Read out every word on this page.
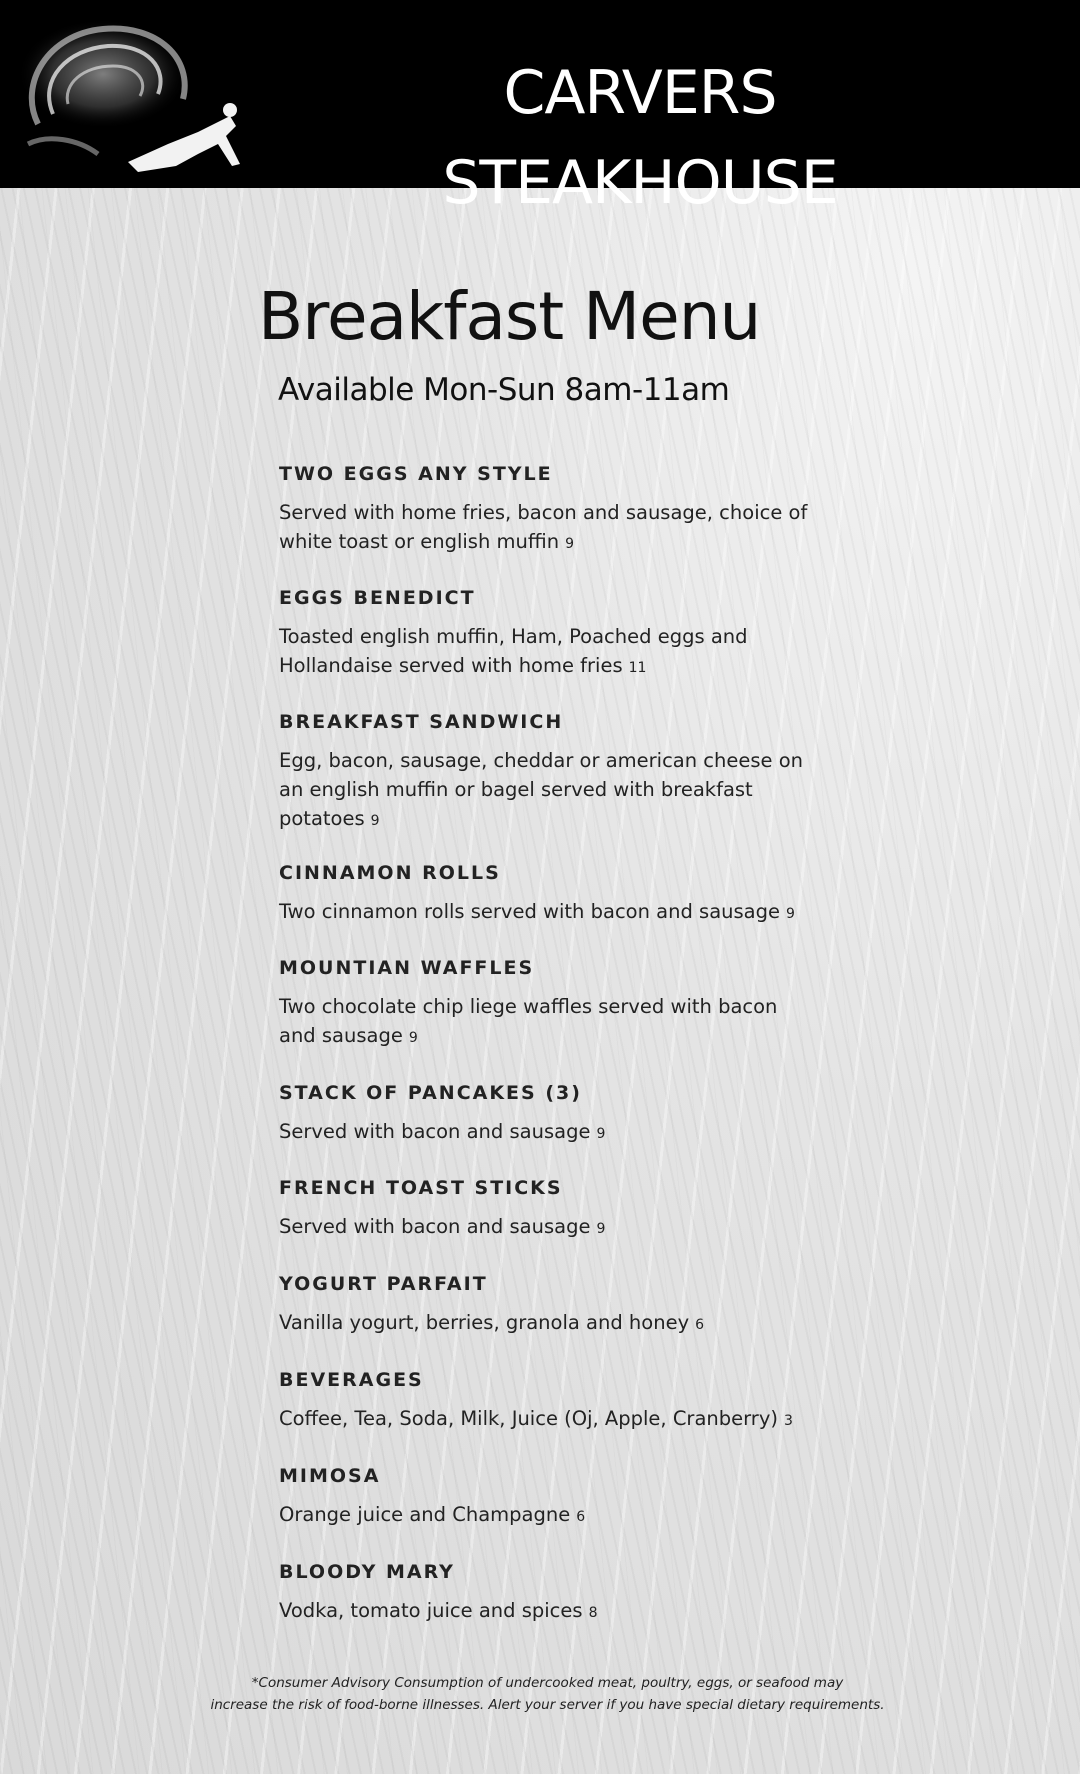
CARVERS STEAKHOUSE
Breakfast Menu
Available Mon-Sun 8am-11am
TWO EGGS ANY STYLE
Served with home fries, bacon and sausage, choice of white toast or english muffin 9
EGGS BENEDICT
Toasted english muffin, Ham, Poached eggs and Hollandaise served with home fries 11
BREAKFAST SANDWICH
Egg, bacon, sausage, cheddar or american cheese on an english muffin or bagel served with breakfast potatoes 9
CINNAMON ROLLS
Two cinnamon rolls served with bacon and sausage 9
MOUNTIAN WAFFLES
Two chocolate chip liege waffles served with bacon and sausage 9
STACK OF PANCAKES (3)
Served with bacon and sausage 9
FRENCH TOAST STICKS
Served with bacon and sausage 9
YOGURT PARFAIT
Vanilla yogurt, berries, granola and honey 6
BEVERAGES
Coffee, Tea, Soda, Milk, Juice (Oj, Apple, Cranberry) 3
MIMOSA
Orange juice and Champagne 6
BLOODY MARY
Vodka, tomato juice and spices 8
*Consumer Advisory Consumption of undercooked meat, poultry, eggs, or seafood may
increase the risk of food-borne illnesses. Alert your server if you have special dietary requirements.
